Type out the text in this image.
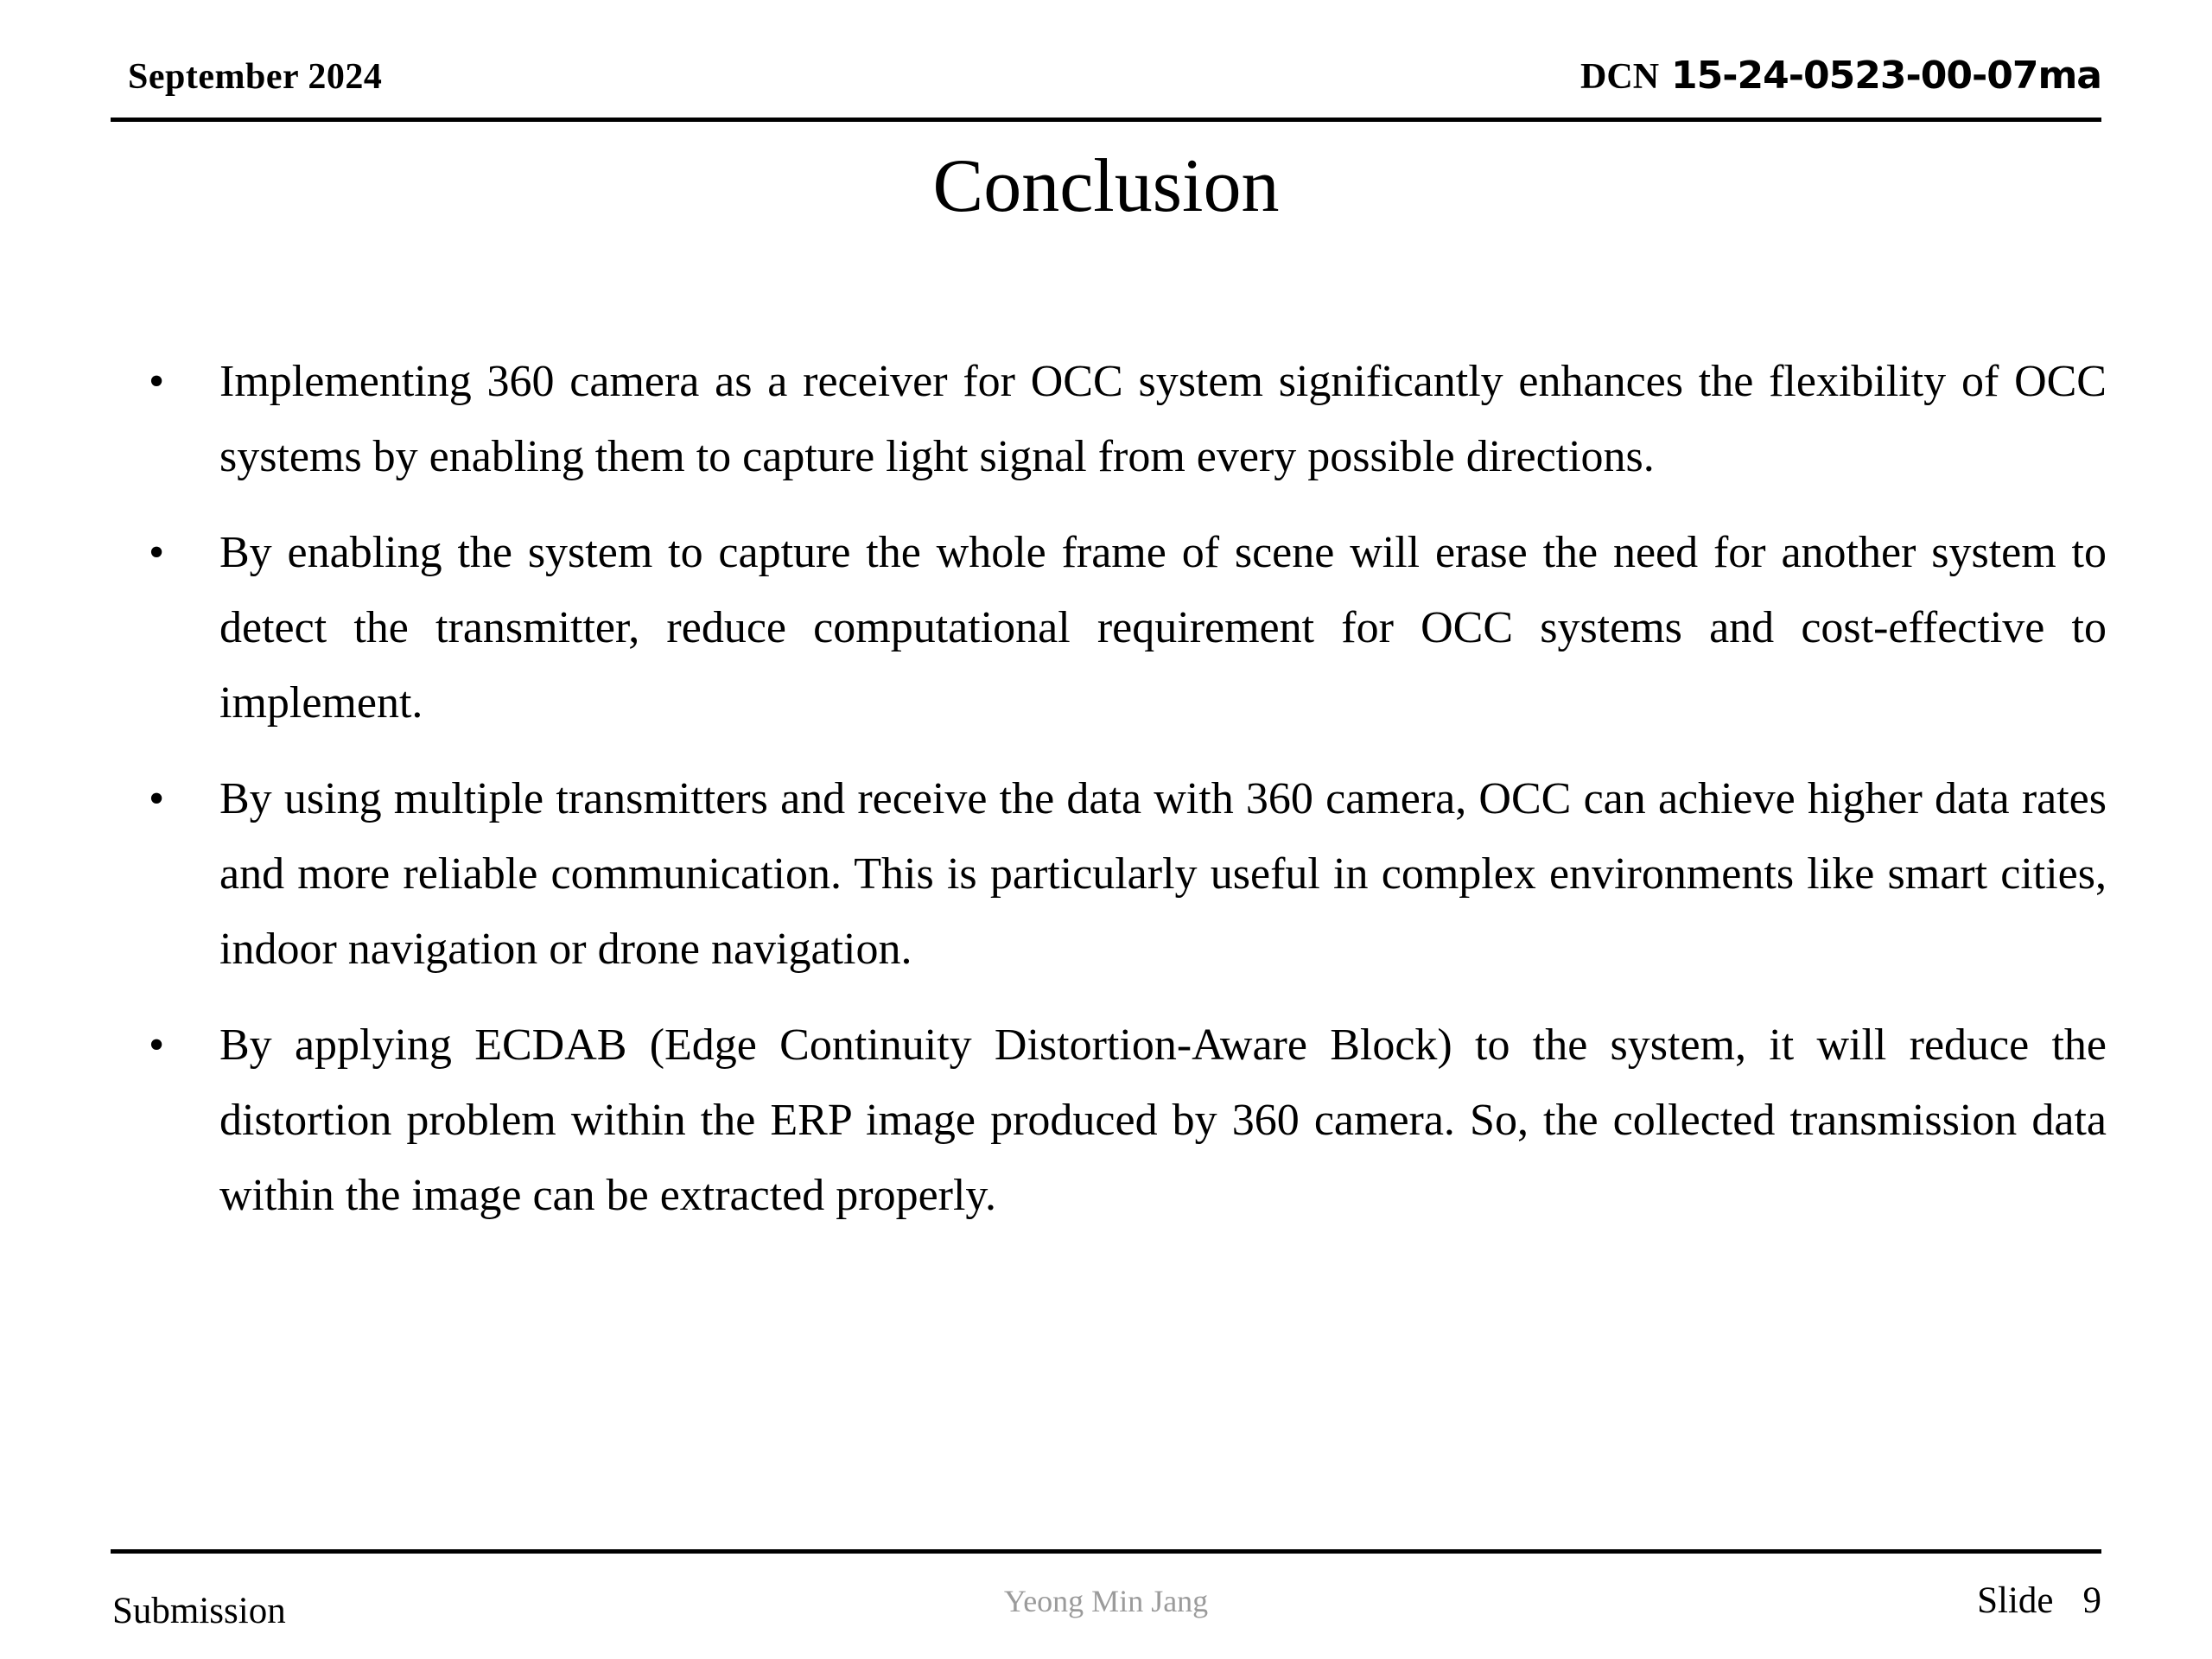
September 2024	DCN 15-24-0523-00-07ma
Conclusion
• Implementing 360 camera as a receiver for OCC system significantly enhances the flexibility of OCC systems by enabling them to capture light signal from every possible directions.
• By enabling the system to capture the whole frame of scene will erase the need for another system to detect the transmitter, reduce computational requirement for OCC systems and cost-effective to implement.
• By using multiple transmitters and receive the data with 360 camera, OCC can achieve higher data rates and more reliable communication. This is particularly useful in complex environments like smart cities, indoor navigation or drone navigation.
• By applying ECDAB (Edge Continuity Distortion-Aware Block) to the system, it will reduce the distortion problem within the ERP image produced by 360 camera. So, the collected transmission data within the image can be extracted properly.
Submission	Yeong Min Jang	Slide 9
